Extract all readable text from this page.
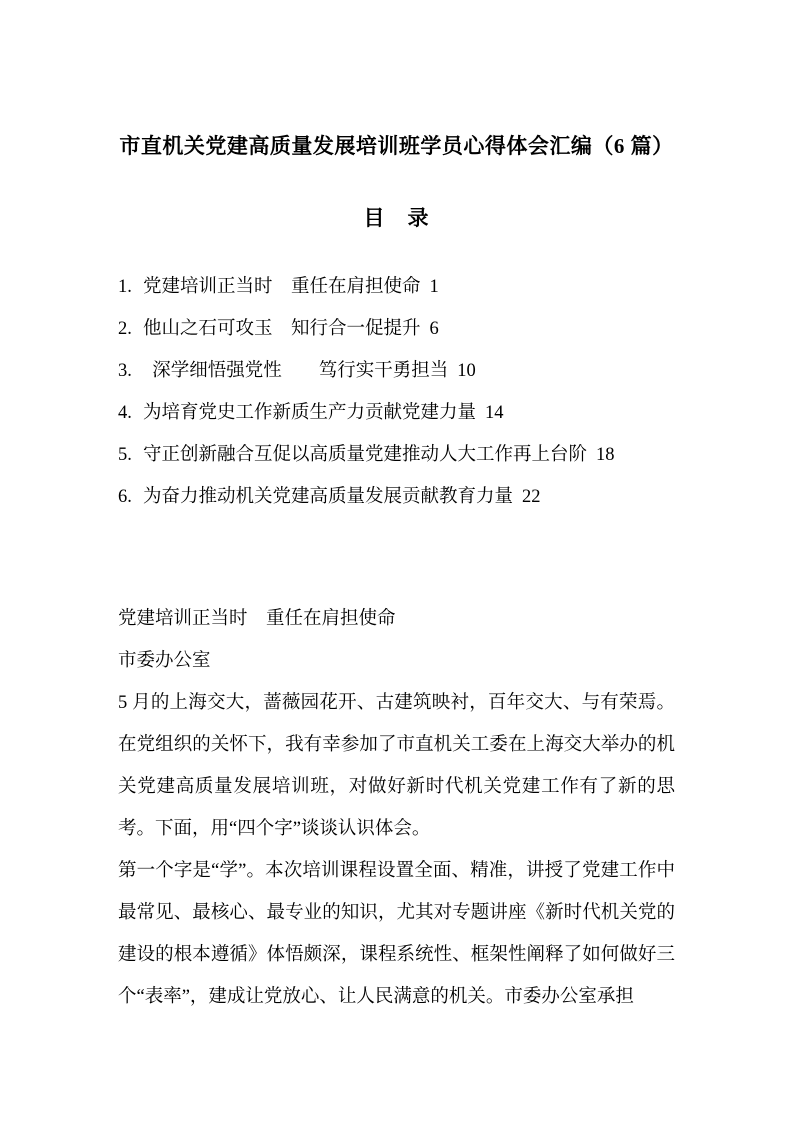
市直机关党建高质量发展培训班学员心得体会汇编（6 篇）
目　录
1. 党建培训正当时　重任在肩担使命 1
2. 他山之石可攻玉　知行合一促提升 6
3. 深学细悟强党性　　笃行实干勇担当 10
4. 为培育党史工作新质生产力贡献党建力量 14
5. 守正创新融合互促以高质量党建推动人大工作再上台阶 18
6. 为奋力推动机关党建高质量发展贡献教育力量 22

党建培训正当时　重任在肩担使命

市委办公室

5 月的上海交大，蔷薇园花开、古建筑映衬，百年交大、与有荣焉。在党组织的关怀下，我有幸参加了市直机关工委在上海交大举办的机关党建高质量发展培训班，对做好新时代机关党建工作有了新的思考。下面，用“四个字”谈谈认识体会。

第一个字是“学”。本次培训课程设置全面、精准，讲授了党建工作中最常见、最核心、最专业的知识，尤其对专题讲座《新时代机关党的建设的根本遵循》体悟颇深，课程系统性、框架性阐释了如何做好三个“表率”，建成让党放心、让人民满意的机关。市委办公室承担
